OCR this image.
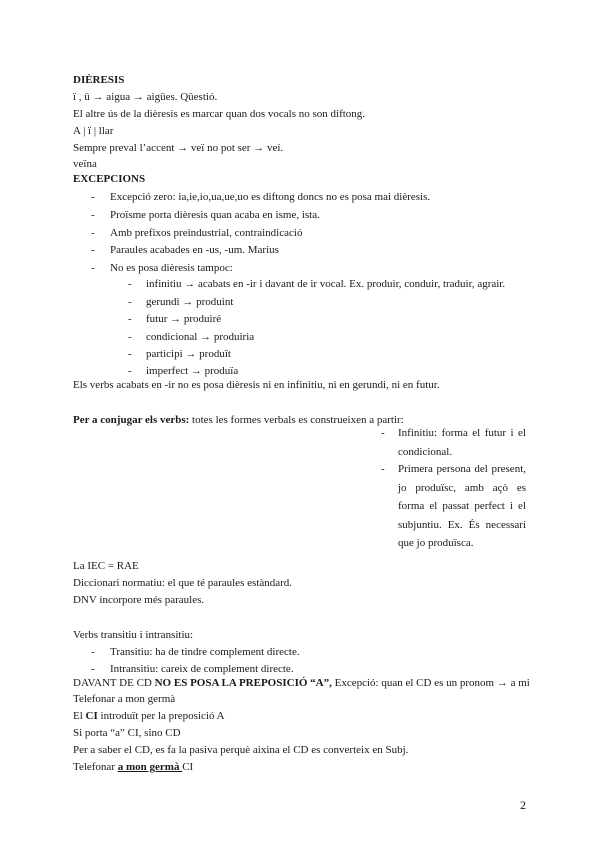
DIÈRESIS
ï , ü → aigua → aigües. Qüestió.
El altre ús de la dièresis es marcar quan dos vocals no son diftong.
A | ï | llar
Sempre preval l’accent → veï no pot ser → veí.
veïna
EXCEPCIONS
- Excepció zero: ia,ie,io,ua,ue,uo es diftong doncs no es posa mai dièresis.
- Proïsme porta dièresis quan acaba en isme, ista.
- Amb prefixos preindustrial, contraindicació
- Paraules acabades en -us, -um. Marius
- No es posa dièresis tampoc:
- infinitiu → acabats en -ir i davant de ir vocal. Ex. produir, conduir, traduir, agrair.
- gerundi → produint
- futur → produiré
- condicional → produiria
- participi → produït
- imperfect → produïa
Els verbs acabats en -ir no es posa dièresis ni en infinitiu, ni en gerundi, ni en futur.
Per a conjugar els verbs: totes les formes verbals es construeixen a partir:
- Infinitiu: forma el futur i el condicional.
- Primera persona del present, jo produïsc, amb açò es forma el passat perfect i el subjuntiu. Ex. És necessari que jo produïsca.
La IEC = RAE
Diccionari normatiu: el que té paraules estàndard.
DNV incorpore més paraules.
Verbs transitiu i intransitiu:
- Transitiu: ha de tindre complement directe.
- Intransitiu: careix de complement directe.
DAVANT DE CD NO ES POSA LA PREPOSICIÓ “A”, Excepció: quan el CD es un pronom → a mi
Telefonar a mon germà
El CI introduït per la preposició A
Si porta “a” CI, sino CD
Per a saber el CD, es fa la pasiva perquè aixina el CD es converteix en Subj.
Telefonar a mon germà CI
2
